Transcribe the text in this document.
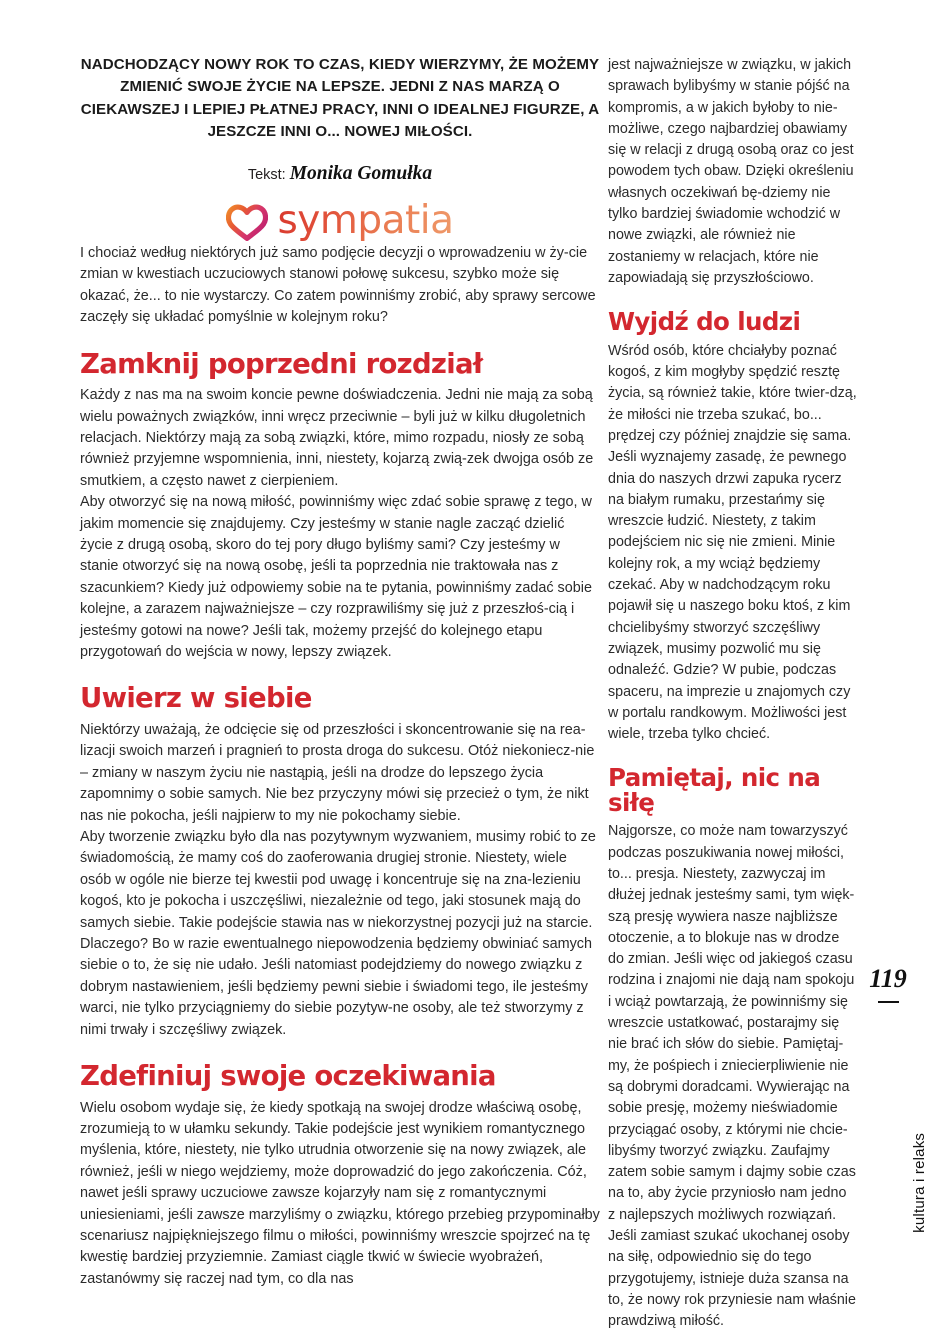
NADCHODZĄCY NOWY ROK TO CZAS, KIEDY WIERZYMY, ŻE MOŻEMY ZMIENIĆ SWOJE ŻYCIE NA LEPSZE. JEDNI Z NAS MARZĄ O CIEKAWSZEJ I LEPIEJ PŁATNEJ PRACY, INNI O IDEALNEJ FIGURZE, A JESZCZE INNI O... NOWEJ MIŁOŚCI.

Tekst: Monika Gomułka
sympatia

I chociaż według niektórych już samo podjęcie decyzji o wprowadzeniu w ży-cie zmian w kwestiach uczuciowych stanowi połowę sukcesu, szybko może się okazać, że... to nie wystarczy. Co zatem powinniśmy zrobić, aby sprawy sercowe zaczęły się układać pomyślnie w kolejnym roku?

Zamknij poprzedni rozdział

Każdy z nas ma na swoim koncie pewne doświadczenia. Jedni nie mają za sobą wielu poważnych związków, inni wręcz przeciwnie – byli już w kilku długoletnich relacjach. Niektórzy mają za sobą związki, które, mimo rozpadu, niosły ze sobą również przyjemne wspomnienia, inni, niestety, kojarzą zwią-zek dwojga osób ze smutkiem, a często nawet z cierpieniem.

Aby otworzyć się na nową miłość, powinniśmy więc zdać sobie sprawę z tego, w jakim momencie się znajdujemy. Czy jesteśmy w stanie nagle zacząć dzielić życie z drugą osobą, skoro do tej pory długo byliśmy sami? Czy jesteśmy w stanie otworzyć się na nową osobę, jeśli ta poprzednia nie traktowała nas z szacunkiem? Kiedy już odpowiemy sobie na te pytania, powinniśmy zadać sobie kolejne, a zarazem najważniejsze – czy rozprawiliśmy się już z przeszłoś-cią i jesteśmy gotowi na nowe? Jeśli tak, możemy przejść do kolejnego etapu przygotowań do wejścia w nowy, lepszy związek.

Uwierz w siebie

Niektórzy uważają, że odcięcie się od przeszłości i skoncentrowanie się na rea-lizacji swoich marzeń i pragnień to prosta droga do sukcesu. Otóż niekoniecz-nie – zmiany w naszym życiu nie nastąpią, jeśli na drodze do lepszego życia zapomnimy o sobie samych. Nie bez przyczyny mówi się przecież o tym, że nikt nas nie pokocha, jeśli najpierw to my nie pokochamy siebie.

Aby tworzenie związku było dla nas pozytywnym wyzwaniem, musimy robić to ze świadomością, że mamy coś do zaoferowania drugiej stronie. Niestety, wiele osób w ogóle nie bierze tej kwestii pod uwagę i koncentruje się na zna-lezieniu kogoś, kto je pokocha i uszczęśliwi, niezależnie od tego, jaki stosunek mają do samych siebie. Takie podejście stawia nas w niekorzystnej pozycji już na starcie. Dlaczego? Bo w razie ewentualnego niepowodzenia będziemy obwiniać samych siebie o to, że się nie udało. Jeśli natomiast podejdziemy do nowego związku z dobrym nastawieniem, jeśli będziemy pewni siebie i świadomi tego, ile jesteśmy warci, nie tylko przyciągniemy do siebie pozytyw-ne osoby, ale też stworzymy z nimi trwały i szczęśliwy związek.

Zdefiniuj swoje oczekiwania

Wielu osobom wydaje się, że kiedy spotkają na swojej drodze właściwą osobę, zrozumieją to w ułamku sekundy. Takie podejście jest wynikiem romantycznego myślenia, które, niestety, nie tylko utrudnia otworzenie się na nowy związek, ale również, jeśli w niego wejdziemy, może doprowadzić do jego zakończenia. Cóż, nawet jeśli sprawy uczuciowe zawsze kojarzyły nam się z romantycznymi uniesieniami, jeśli zawsze marzyliśmy o związku, którego przebieg przypominałby scenariusz najpiękniejszego filmu o miłości, powinniśmy wreszcie spojrzeć na tę kwestię bardziej przyziemnie. Zamiast ciągle tkwić w świecie wyobrażeń, zastanówmy się raczej nad tym, co dla nas

jest najważniejsze w związku, w jakich sprawach bylibyśmy w stanie pójść na kompromis, a w jakich byłoby to nie-możliwe, czego najbardziej obawiamy się w relacji z drugą osobą oraz co jest powodem tych obaw. Dzięki określeniu własnych oczekiwań bę-dziemy nie tylko bardziej świadomie wchodzić w nowe związki, ale również nie zostaniemy w relacjach, które nie zapowiadają się przyszłościowo.

Wyjdź do ludzi

Wśród osób, które chciałyby poznać kogoś, z kim mogłyby spędzić resztę życia, są również takie, które twier-dzą, że miłości nie trzeba szukać, bo... prędzej czy później znajdzie się sama. Jeśli wyznajemy zasadę, że pewnego dnia do naszych drzwi zapuka rycerz na białym rumaku, przestańmy się wreszcie łudzić. Niestety, z takim podejściem nic się nie zmieni. Minie kolejny rok, a my wciąż będziemy czekać. Aby w nadchodzącym roku pojawił się u naszego boku ktoś, z kim chcielibyśmy stworzyć szczęśliwy związek, musimy pozwolić mu się odnaleźć. Gdzie? W pubie, podczas spaceru, na imprezie u znajomych czy w portalu randkowym. Możliwości jest wiele, trzeba tylko chcieć.

Pamiętaj, nic na siłę

Najgorsze, co może nam towarzyszyć podczas poszukiwania nowej miłości, to... presja. Niestety, zazwyczaj im dłużej jednak jesteśmy sami, tym więk-szą presję wywiera nasze najbliższe otoczenie, a to blokuje nas w drodze do zmian. Jeśli więc od jakiegoś czasu rodzina i znajomi nie dają nam spokoju i wciąż powtarzają, że powinniśmy się wreszcie ustatkować, postarajmy się nie brać ich słów do siebie. Pamiętaj-my, że pośpiech i zniecierpliwienie nie są dobrymi doradcami. Wywierając na sobie presję, możemy nieświadomie przyciągać osoby, z którymi nie chcie-libyśmy tworzyć związku. Zaufajmy zatem sobie samym i dajmy sobie czas na to, aby życie przyniosło nam jedno z najlepszych możliwych rozwiązań. Jeśli zamiast szukać ukochanej osoby na siłę, odpowiednio się do tego przygotujemy, istnieje duża szansa na to, że nowy rok przyniesie nam właśnie prawdziwą miłość.

119
kultura i relaks
